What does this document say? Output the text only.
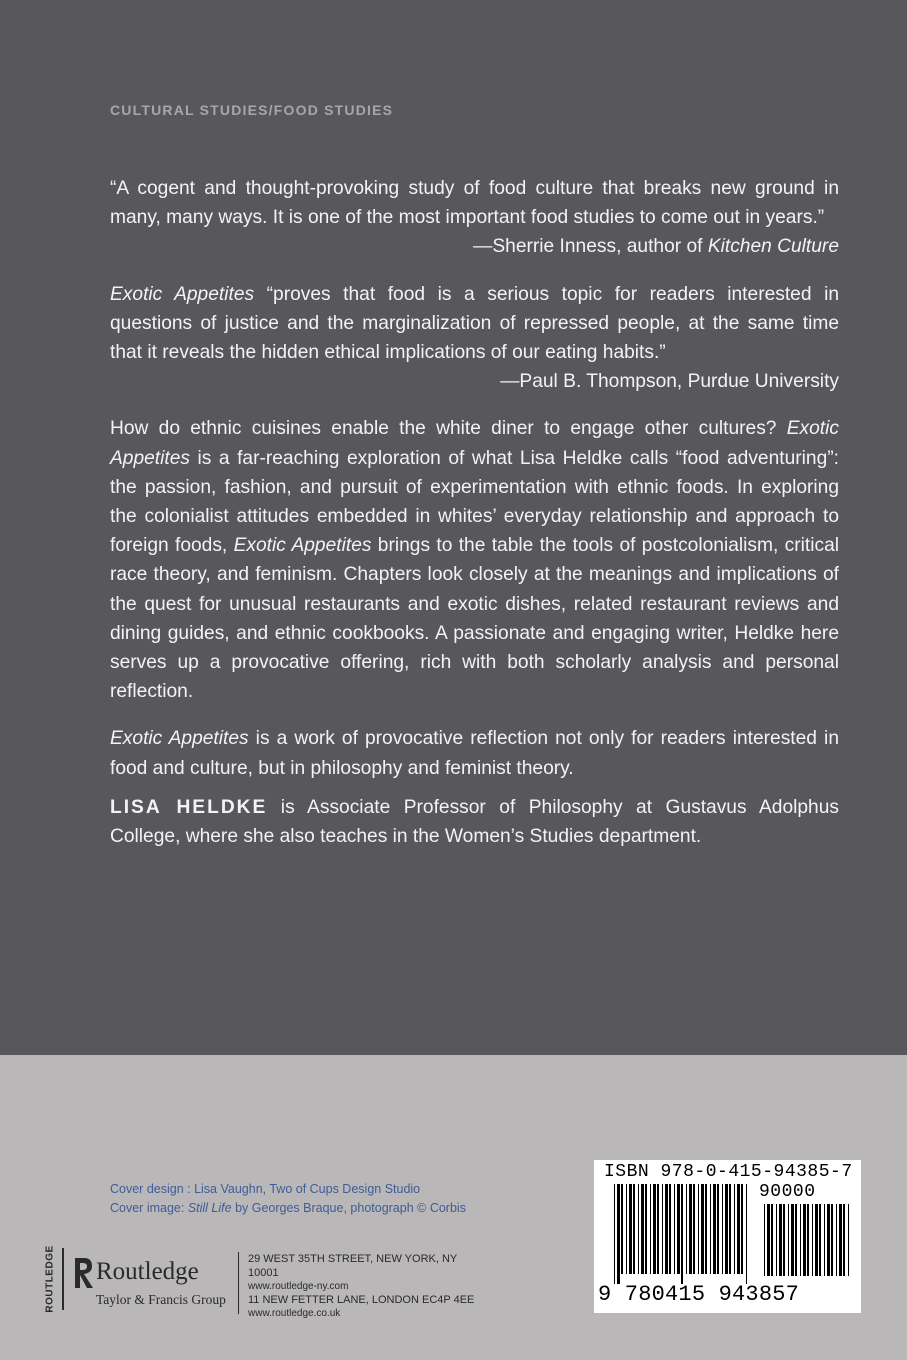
CULTURAL STUDIES/FOOD STUDIES

“A cogent and thought-provoking study of food culture that breaks new ground in many, many ways. It is one of the most important food studies to come out in years.”

—Sherrie Inness, author of Kitchen Culture

Exotic Appetites “proves that food is a serious topic for readers interested in questions of justice and the marginalization of repressed people, at the same time that it reveals the hidden ethical implications of our eating habits.”

—Paul B. Thompson, Purdue University

How do ethnic cuisines enable the white diner to engage other cultures? Exotic Appetites is a far-reaching exploration of what Lisa Heldke calls “food adventuring”: the passion, fashion, and pursuit of experimentation with ethnic foods. In exploring the colonialist attitudes embedded in whites’ everyday relationship and approach to foreign foods, Exotic Appetites brings to the table the tools of postcolonialism, critical race theory, and feminism. Chapters look closely at the meanings and implications of the quest for unusual restaurants and exotic dishes, related restaurant reviews and dining guides, and ethnic cookbooks. A passionate and engaging writer, Heldke here serves up a provocative offering, rich with both scholarly analysis and personal reflection.

Exotic Appetites is a work of provocative reflection not only for readers interested in food and culture, but in philosophy and feminist theory.

LISA HELDKE is Associate Professor of Philosophy at Gustavus Adolphus College, where she also teaches in the Women’s Studies department.

Cover design : Lisa Vaughn, Two of Cups Design Studio
Cover image: Still Life by Georges Braque, photograph © Corbis
ROUTLEDGE Routledge
Taylor & Francis Group
29 WEST 35TH STREET, NEW YORK, NY 10001
www.routledge-ny.com
11 NEW FETTER LANE, LONDON EC4P 4EE
www.routledge.co.uk
ISBN 978-0-415-94385-7
90000
9 780415 943857
